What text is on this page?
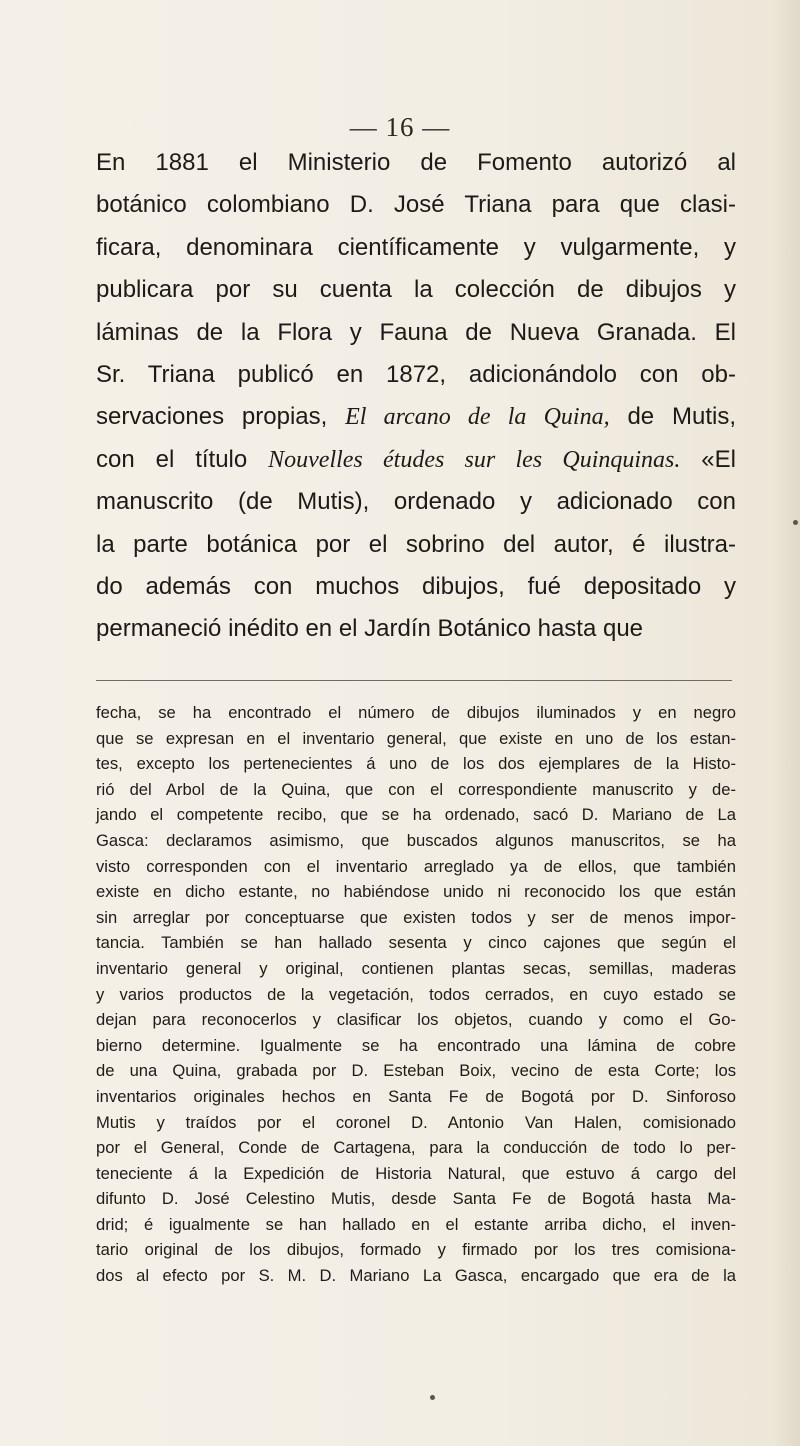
— 16 —
En 1881 el Ministerio de Fomento autorizó al
botánico colombiano D. José Triana para que clasi-
ficara, denominara científicamente y vulgarmente, y
publicara por su cuenta la colección de dibujos y
láminas de la Flora y Fauna de Nueva Granada. El
Sr. Triana publicó en 1872, adicionándolo con ob-
servaciones propias, El arcano de la Quina, de Mutis,
con el título Nouvelles études sur les Quinquinas. «El
manuscrito (de Mutis), ordenado y adicionado con
la parte botánica por el sobrino del autor, é ilustra-
do además con muchos dibujos, fué depositado y
permaneció inédito en el Jardín Botánico hasta que
fecha, se ha encontrado el número de dibujos iluminados y en negro
que se expresan en el inventario general, que existe en uno de los estan-
tes, excepto los pertenecientes á uno de los dos ejemplares de la Histo-
rió del Arbol de la Quina, que con el correspondiente manuscrito y de-
jando el competente recibo, que se ha ordenado, sacó D. Mariano de La
Gasca: declaramos asimismo, que buscados algunos manuscritos, se ha
visto corresponden con el inventario arreglado ya de ellos, que también
existe en dicho estante, no habiéndose unido ni reconocido los que están
sin arreglar por conceptuarse que existen todos y ser de menos impor-
tancia. También se han hallado sesenta y cinco cajones que según el
inventario general y original, contienen plantas secas, semillas, maderas
y varios productos de la vegetación, todos cerrados, en cuyo estado se
dejan para reconocerlos y clasificar los objetos, cuando y como el Go-
bierno determine. Igualmente se ha encontrado una lámina de cobre
de una Quina, grabada por D. Esteban Boix, vecino de esta Corte; los
inventarios originales hechos en Santa Fe de Bogotá por D. Sinforoso
Mutis y traídos por el coronel D. Antonio Van Halen, comisionado
por el General, Conde de Cartagena, para la conducción de todo lo per-
teneciente á la Expedición de Historia Natural, que estuvo á cargo del
difunto D. José Celestino Mutis, desde Santa Fe de Bogotá hasta Ma-
drid; é igualmente se han hallado en el estante arriba dicho, el inven-
tario original de los dibujos, formado y firmado por los tres comisiona-
dos al efecto por S. M. D. Mariano La Gasca, encargado que era de la
